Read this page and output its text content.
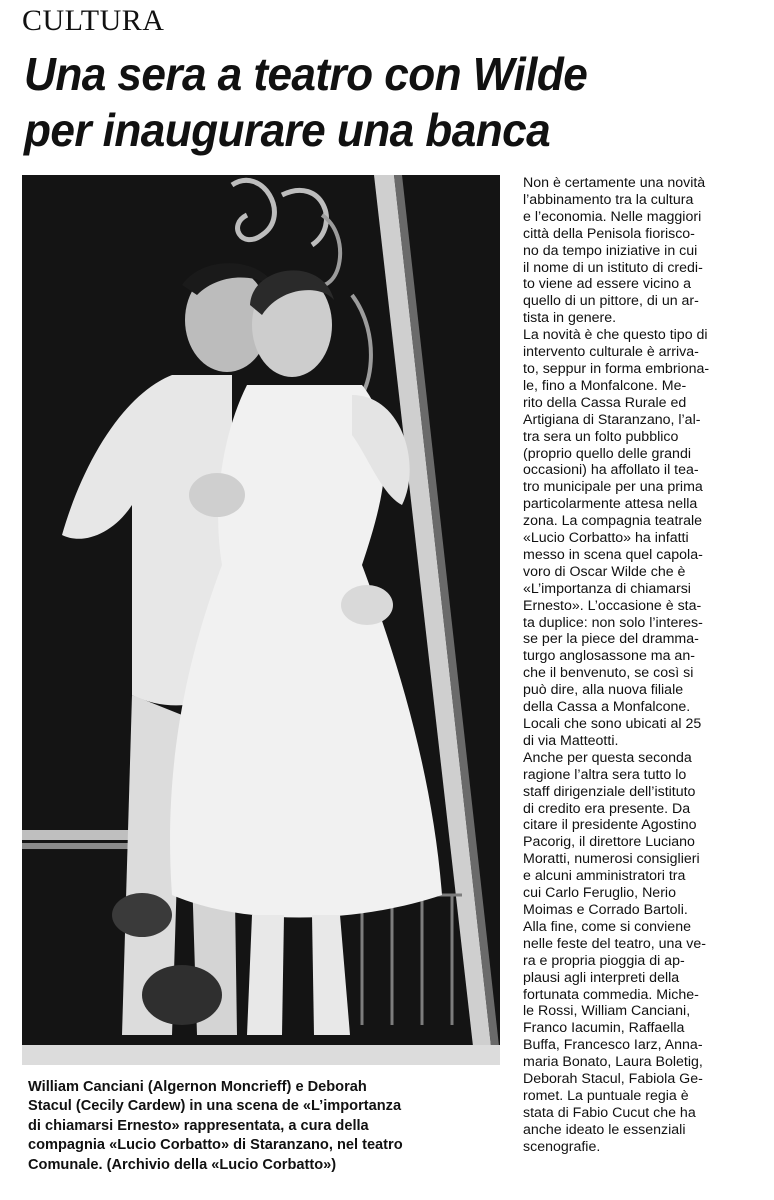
CULTURA
Una sera a teatro con Wilde
per inaugurare una banca
William Canciani (Algernon Moncrieff) e Deborah
Stacul (Cecily Cardew) in una scena de «L’importanza
di chiamarsi Ernesto» rappresentata, a cura della
compagnia «Lucio Corbatto» di Staranzano, nel teatro
Comunale. (Archivio della «Lucio Corbatto»)
Non è certamente una novità
l’abbinamento tra la cultura
e l’economia. Nelle maggiori
città della Penisola fiorisco-
no da tempo iniziative in cui
il nome di un istituto di credi-
to viene ad essere vicino a
quello di un pittore, di un ar-
tista in genere.
La novità è che questo tipo di
intervento culturale è arriva-
to, seppur in forma embriona-
le, fino a Monfalcone. Me-
rito della Cassa Rurale ed
Artigiana di Staranzano, l’al-
tra sera un folto pubblico
(proprio quello delle grandi
occasioni) ha affollato il tea-
tro municipale per una prima
particolarmente attesa nella
zona. La compagnia teatrale
«Lucio Corbatto» ha infatti
messo in scena quel capola-
voro di Oscar Wilde che è
«L’importanza di chiamarsi
Ernesto». L’occasione è sta-
ta duplice: non solo l’interes-
se per la piece del dramma-
turgo anglosassone ma an-
che il benvenuto, se così si
può dire, alla nuova filiale
della Cassa a Monfalcone.
Locali che sono ubicati al 25
di via Matteotti.
Anche per questa seconda
ragione l’altra sera tutto lo
staff dirigenziale dell’istituto
di credito era presente. Da
citare il presidente Agostino
Pacorig, il direttore Luciano
Moratti, numerosi consiglieri
e alcuni amministratori tra
cui Carlo Feruglio, Nerio
Moimas e Corrado Bartoli.
Alla fine, come si conviene
nelle feste del teatro, una ve-
ra e propria pioggia di ap-
plausi agli interpreti della
fortunata commedia. Miche-
le Rossi, William Canciani,
Franco Iacumin, Raffaella
Buffa, Francesco Iarz, Anna-
maria Bonato, Laura Boletig,
Deborah Stacul, Fabiola Ge-
romet. La puntuale regia è
stata di Fabio Cucut che ha
anche ideato le essenziali
scenografie.
